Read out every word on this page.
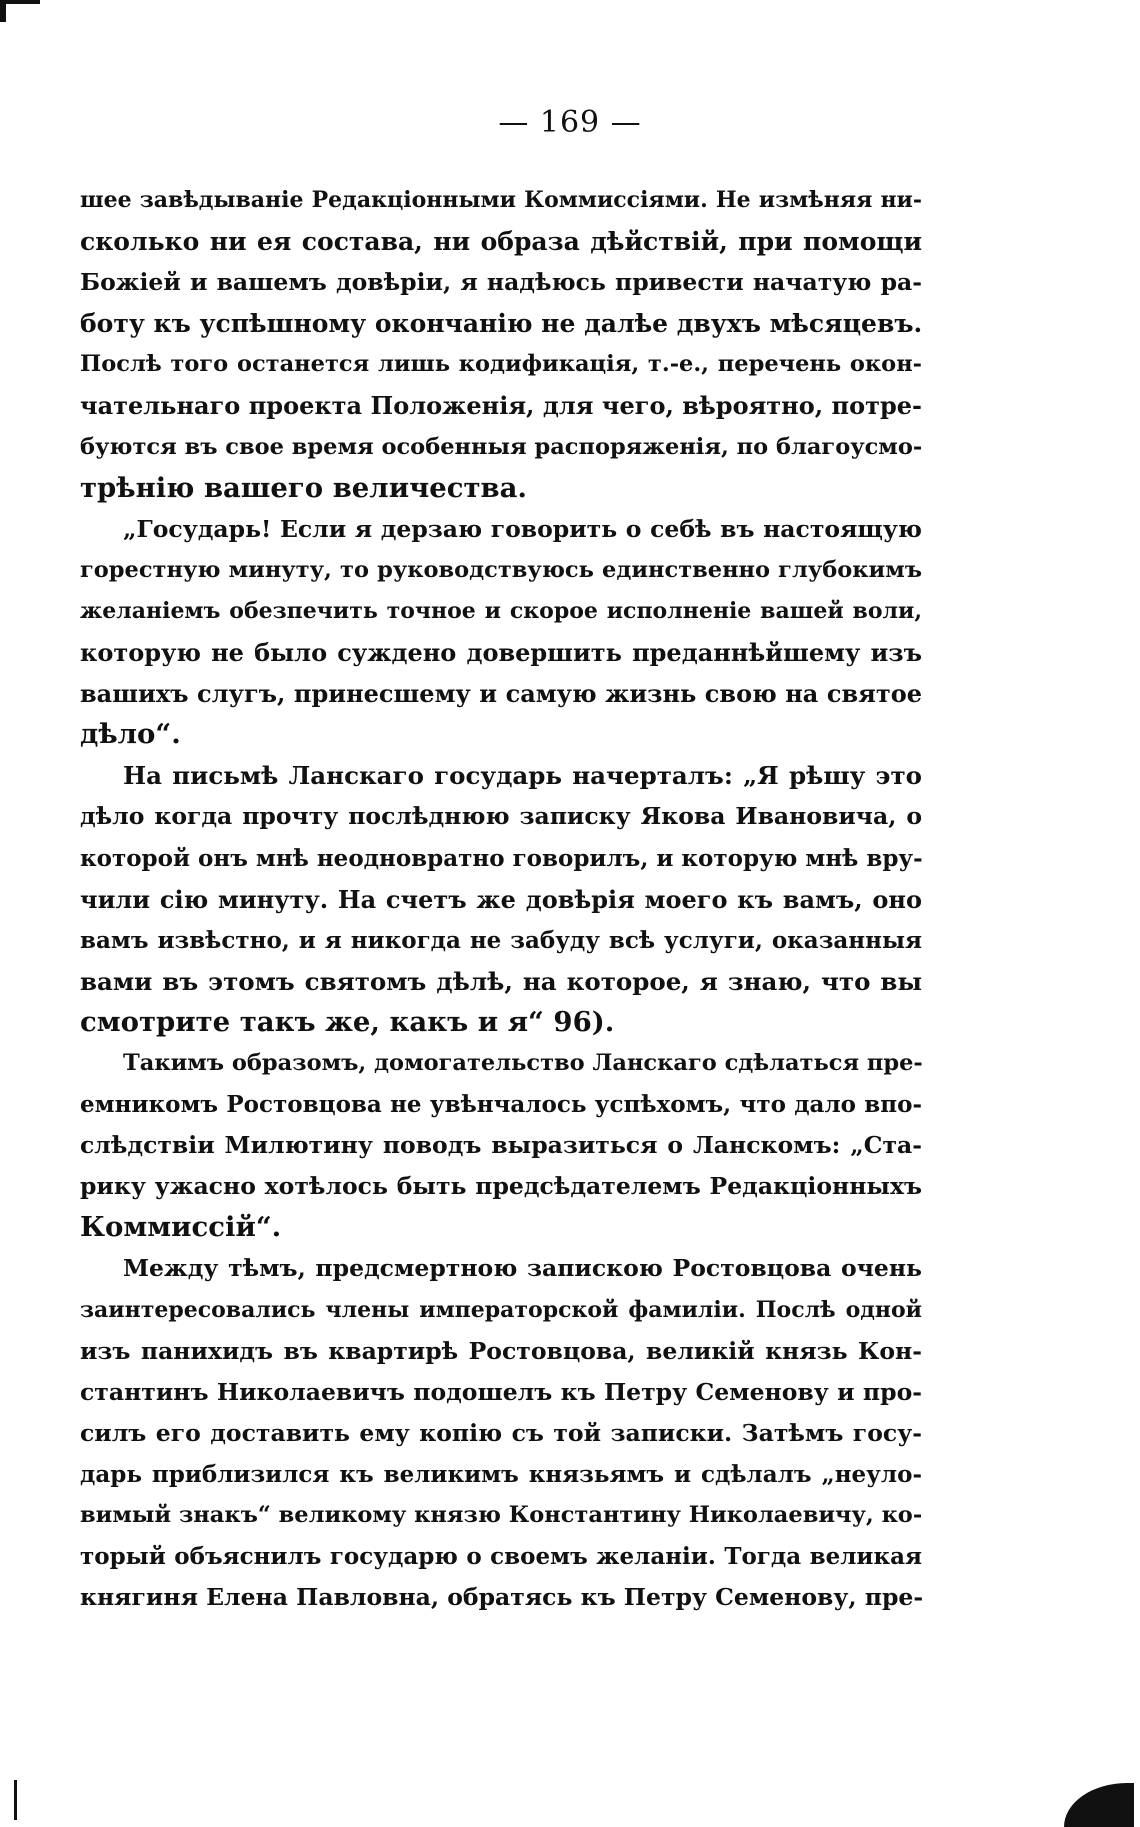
— 169 —
шее завѣдываніе Редакціонными Коммиссіями. Не измѣняя ни-
сколько ни ея состава, ни образа дѣйствій, при помощи
Божіей и вашемъ довѣріи, я надѣюсь привести начатую ра-
боту къ успѣшному окончанію не далѣе двухъ мѣсяцевъ.
Послѣ того останется лишь кодификація, т.-е., перечень окон-
чательнаго проекта Положенія, для чего, вѣроятно, потре-
буются въ свое время особенныя распоряженія, по благоусмо-
трѣнію вашего величества.
„Государь! Если я дерзаю говорить о себѣ въ настоящую
горестную минуту, то руководствуюсь единственно глубокимъ
желаніемъ обезпечить точное и скорое исполненіе вашей воли,
которую не было суждено довершить преданнѣйшему изъ
вашихъ слугъ, принесшему и самую жизнь свою на святое
дѣло“.
На письмѣ Ланскаго государь начерталъ: „Я рѣшу это
дѣло когда прочту послѣднюю записку Якова Ивановича, о
которой онъ мнѣ неодновратно говорилъ, и которую мнѣ вру-
чили сію минуту. На счетъ же довѣрія моего къ вамъ, оно
вамъ извѣстно, и я никогда не забуду всѣ услуги, оказанныя
вами въ этомъ святомъ дѣлѣ, на которое, я знаю, что вы
смотрите такъ же, какъ и я“ 96).
Такимъ образомъ, домогательство Ланскаго сдѣлаться пре-
емникомъ Ростовцова не увѣнчалось успѣхомъ, что дало впо-
слѣдствіи Милютину поводъ выразиться о Ланскомъ: „Ста-
рику ужасно хотѣлось быть предсѣдателемъ Редакціонныхъ
Коммиссій“.
Между тѣмъ, предсмертною запискою Ростовцова очень
заинтересовались члены императорской фамиліи. Послѣ одной
изъ панихидъ въ квартирѣ Ростовцова, великій князь Кон-
стантинъ Николаевичъ подошелъ къ Петру Семенову и про-
силъ его доставить ему копію съ той записки. Затѣмъ госу-
дарь приблизился къ великимъ князьямъ и сдѣлалъ „неуло-
вимый знакъ“ великому князю Константину Николаевичу, ко-
торый объяснилъ государю о своемъ желаніи. Тогда великая
княгиня Елена Павловна, обратясь къ Петру Семенову, пре-
